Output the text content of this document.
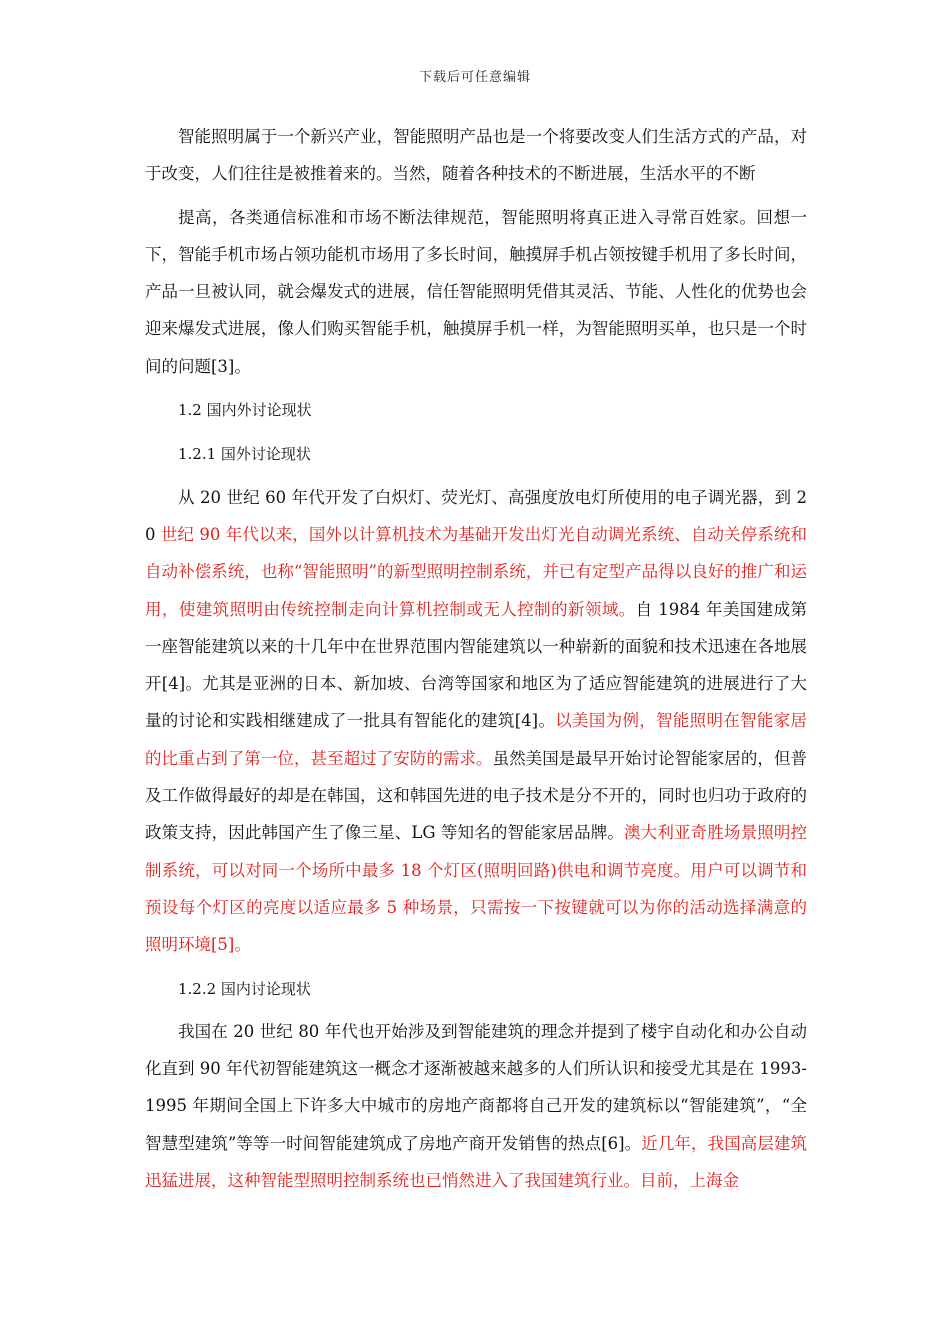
下载后可任意编辑

智能照明属于一个新兴产业，智能照明产品也是一个将要改变人们生活方式的产品，对于改变，人们往往是被推着来的。当然，随着各种技术的不断进展，生活水平的不断

提高，各类通信标准和市场不断法律规范，智能照明将真正进入寻常百姓家。回想一下，智能手机市场占领功能机市场用了多长时间，触摸屏手机占领按键手机用了多长时间，产品一旦被认同，就会爆发式的进展，信任智能照明凭借其灵活、节能、人性化的优势也会迎来爆发式进展，像人们购买智能手机，触摸屏手机一样，为智能照明买单，也只是一个时间的问题[3]。

1.2 国内外讨论现状
1.2.1 国外讨论现状

从 20 世纪 60 年代开发了白炽灯、荧光灯、高强度放电灯所使用的电子调光器，到 20 世纪 90 年代以来，国外以计算机技术为基础开发出灯光自动调光系统、自动关停系统和自动补偿系统，也称“智能照明”的新型照明控制系统，并已有定型产品得以良好的推广和运用，使建筑照明由传统控制走向计算机控制或无人控制的新领域。自 1984 年美国建成第一座智能建筑以来的十几年中在世界范围内智能建筑以一种崭新的面貌和技术迅速在各地展开[4]。尤其是亚洲的日本、新加坡、台湾等国家和地区为了适应智能建筑的进展进行了大量的讨论和实践相继建成了一批具有智能化的建筑[4]。以美国为例，智能照明在智能家居的比重占到了第一位，甚至超过了安防的需求。虽然美国是最早开始讨论智能家居的，但普及工作做得最好的却是在韩国，这和韩国先进的电子技术是分不开的，同时也归功于政府的政策支持，因此韩国产生了像三星、LG 等知名的智能家居品牌。澳大利亚奇胜场景照明控制系统，可以对同一个场所中最多 18 个灯区(照明回路)供电和调节亮度。用户可以调节和预设每个灯区的亮度以适应最多 5 种场景，只需按一下按键就可以为你的活动选择满意的照明环境[5]。

1.2.2 国内讨论现状

我国在 20 世纪 80 年代也开始涉及到智能建筑的理念并提到了楼宇自动化和办公自动化直到 90 年代初智能建筑这一概念才逐渐被越来越多的人们所认识和接受尤其是在 1993-1995 年期间全国上下许多大中城市的房地产商都将自己开发的建筑标以“智能建筑”，“全智慧型建筑”等等一时间智能建筑成了房地产商开发销售的热点[6]。近几年，我国高层建筑迅猛进展，这种智能型照明控制系统也已悄然进入了我国建筑行业。目前，上海金
